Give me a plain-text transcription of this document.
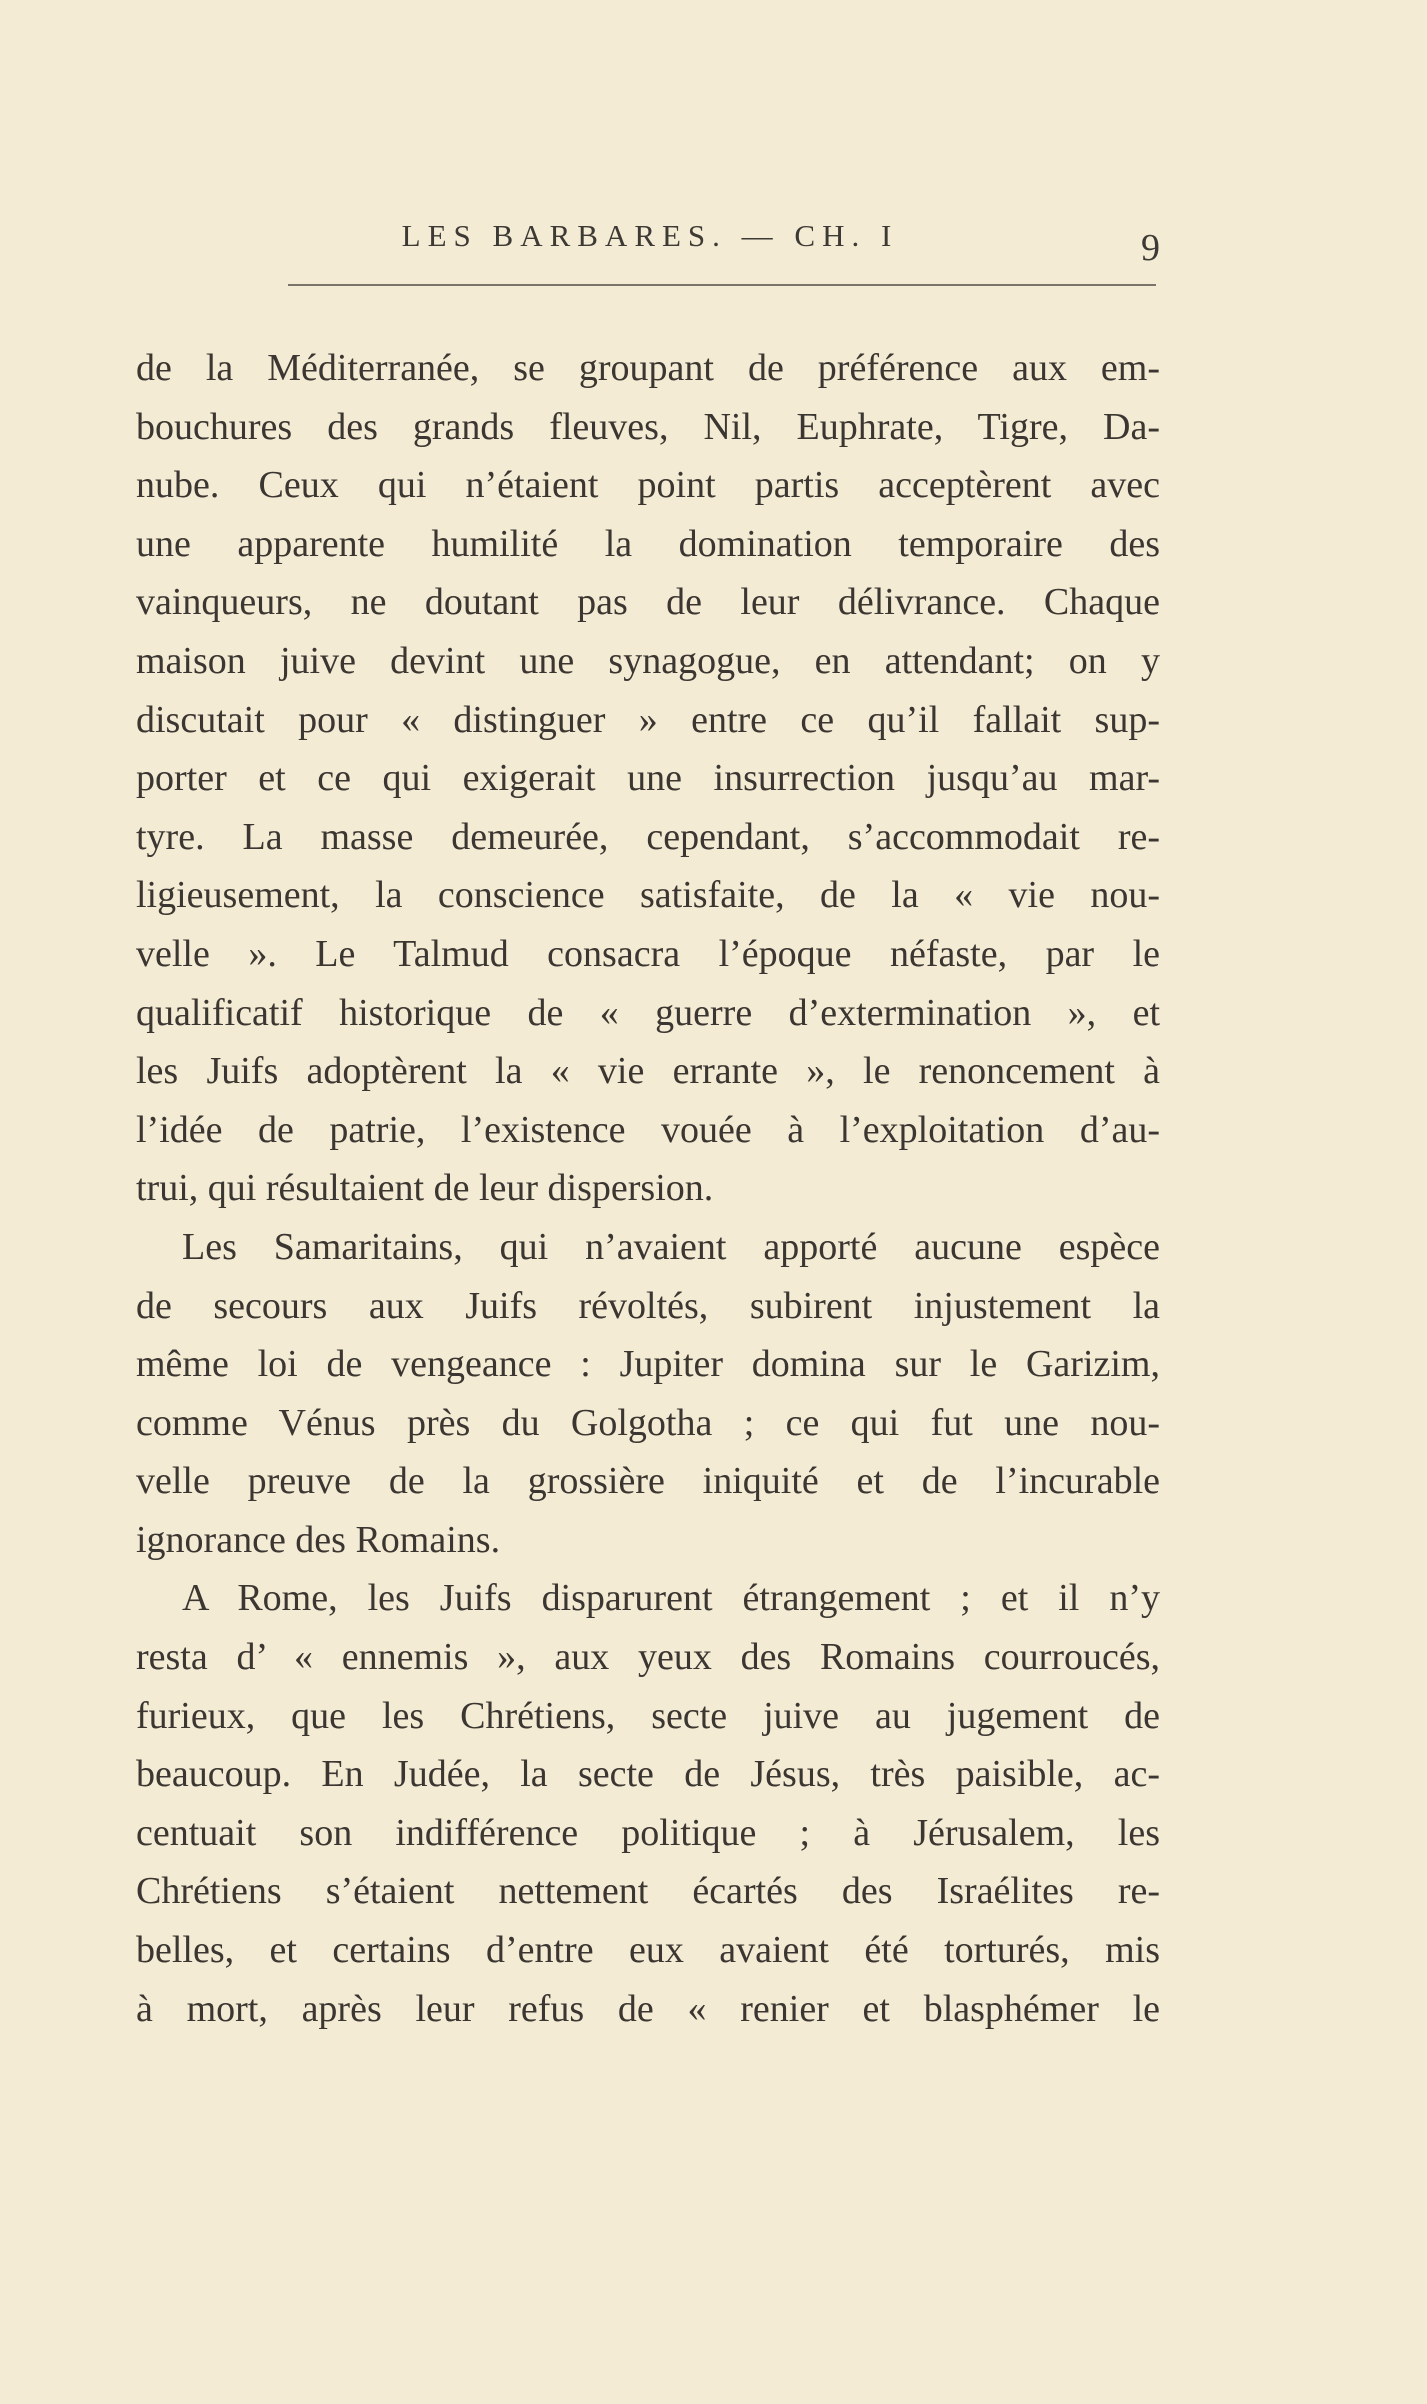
LES BARBARES. — CH. I	9
de la Méditerranée, se groupant de préférence aux em-
bouchures des grands fleuves, Nil, Euphrate, Tigre, Da-
nube. Ceux qui n’étaient point partis acceptèrent avec
une apparente humilité la domination temporaire des
vainqueurs, ne doutant pas de leur délivrance. Chaque
maison juive devint une synagogue, en attendant; on y
discutait pour « distinguer » entre ce qu’il fallait sup-
porter et ce qui exigerait une insurrection jusqu’au mar-
tyre. La masse demeurée, cependant, s’accommodait re-
ligieusement, la conscience satisfaite, de la « vie nou-
velle ». Le Talmud consacra l’époque néfaste, par le
qualificatif historique de « guerre d’extermination », et
les Juifs adoptèrent la « vie errante », le renoncement à
l’idée de patrie, l’existence vouée à l’exploitation d’au-
trui, qui résultaient de leur dispersion.
Les Samaritains, qui n’avaient apporté aucune espèce
de secours aux Juifs révoltés, subirent injustement la
même loi de vengeance : Jupiter domina sur le Garizim,
comme Vénus près du Golgotha ; ce qui fut une nou-
velle preuve de la grossière iniquité et de l’incurable
ignorance des Romains.
A Rome, les Juifs disparurent étrangement ; et il n’y
resta d’ « ennemis », aux yeux des Romains courroucés,
furieux, que les Chrétiens, secte juive au jugement de
beaucoup. En Judée, la secte de Jésus, très paisible, ac-
centuait son indifférence politique ; à Jérusalem, les
Chrétiens s’étaient nettement écartés des Israélites re-
belles, et certains d’entre eux avaient été torturés, mis
à mort, après leur refus de « renier et blasphémer le
